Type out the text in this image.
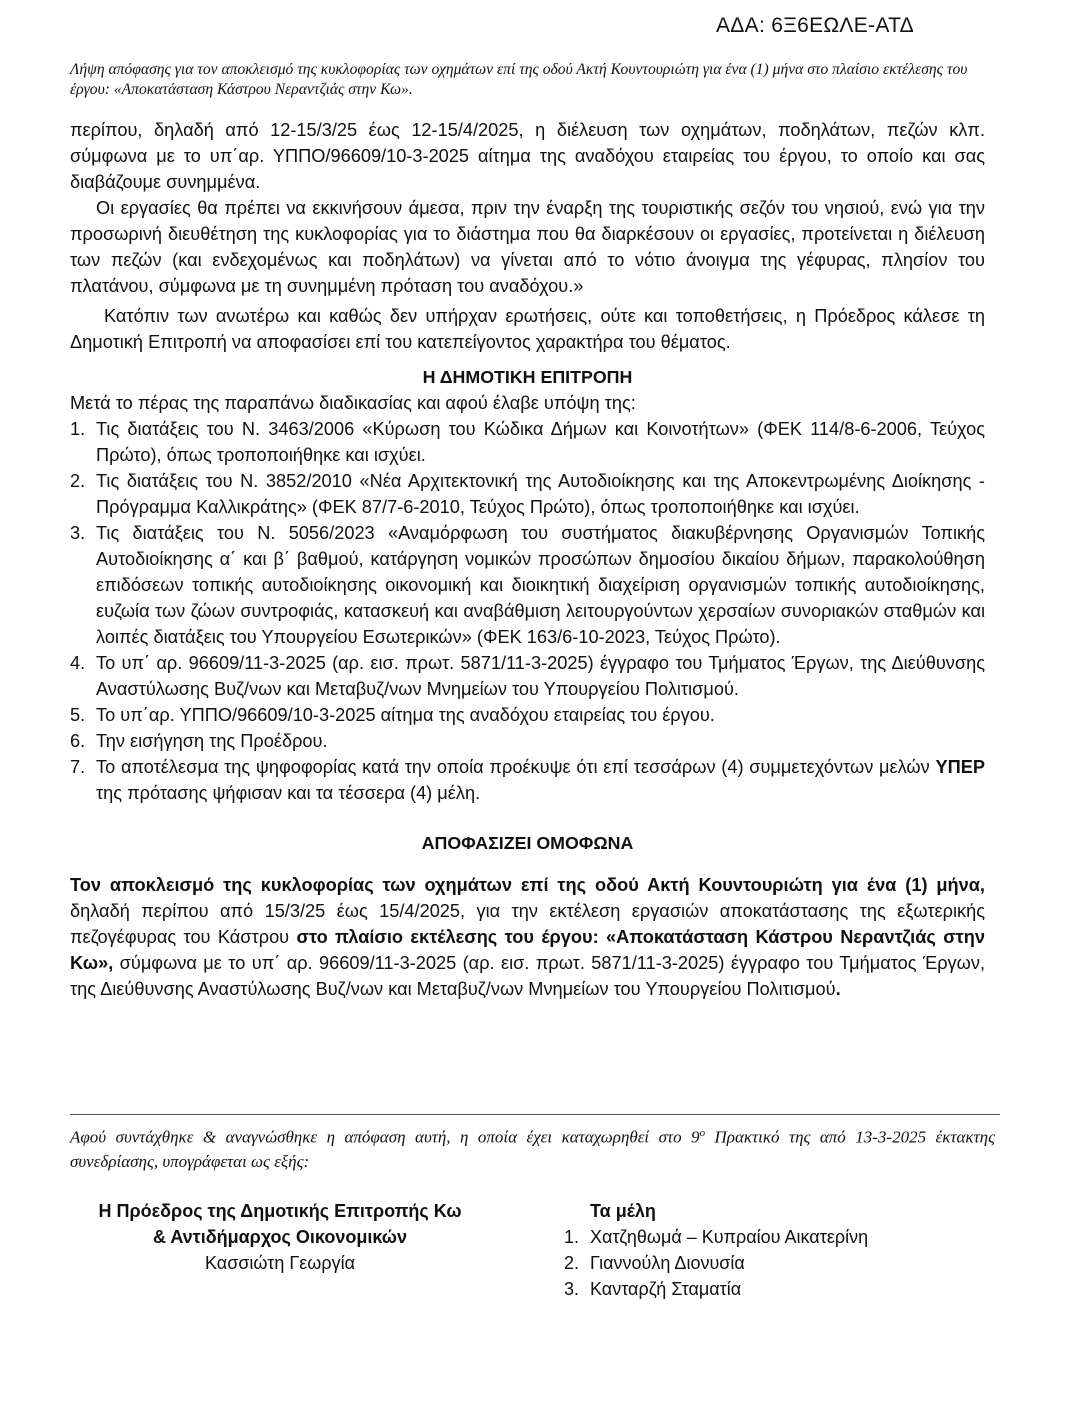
ΑΔΑ: 6Ξ6ΕΩΛΕ-ΑΤΔ
Λήψη απόφασης για τον αποκλεισμό της κυκλοφορίας των οχημάτων επί της οδού Ακτή Κουντουριώτη για ένα (1) μήνα στο πλαίσιο εκτέλεσης του έργου: «Αποκατάσταση Κάστρου Νεραντζιάς στην Κω».

περίπου, δηλαδή από 12-15/3/25 έως 12-15/4/2025, η διέλευση των οχημάτων, ποδηλάτων, πεζών κλπ. σύμφωνα με το υπ΄αρ. ΥΠΠΟ/96609/10-3-2025 αίτημα της αναδόχου εταιρείας του έργου, το οποίο και σας διαβάζουμε συνημμένα.

Οι εργασίες θα πρέπει να εκκινήσουν άμεσα, πριν την έναρξη της τουριστικής σεζόν του νησιού, ενώ για την προσωρινή διευθέτηση της κυκλοφορίας για το διάστημα που θα διαρκέσουν οι εργασίες, προτείνεται η διέλευση των πεζών (και ενδεχομένως και ποδηλάτων) να γίνεται από το νότιο άνοιγμα της γέφυρας, πλησίον του πλατάνου, σύμφωνα με τη συνημμένη πρόταση του αναδόχου.»

Κατόπιν των ανωτέρω και καθώς δεν υπήρχαν ερωτήσεις, ούτε και τοποθετήσεις, η Πρόεδρος κάλεσε τη Δημοτική Επιτροπή να αποφασίσει επί του κατεπείγοντος χαρακτήρα του θέματος.

Η ΔΗΜΟΤΙΚΗ ΕΠΙΤΡΟΠΗ

Μετά το πέρας της παραπάνω διαδικασίας και αφού έλαβε υπόψη της:

1. Τις διατάξεις του Ν. 3463/2006 «Κύρωση του Κώδικα Δήμων και Κοινοτήτων» (ΦΕΚ 114/8-6-2006, Τεύχος Πρώτο), όπως τροποποιήθηκε και ισχύει.
2. Τις διατάξεις του Ν. 3852/2010 «Νέα Αρχιτεκτονική της Αυτοδιοίκησης και της Αποκεντρωμένης Διοίκησης - Πρόγραμμα Καλλικράτης» (ΦΕΚ 87/7-6-2010, Τεύχος Πρώτο), όπως τροποποιήθηκε και ισχύει.
3. Τις διατάξεις του Ν. 5056/2023 «Αναμόρφωση του συστήματος διακυβέρνησης Οργανισμών Τοπικής Αυτοδιοίκησης α΄ και β΄ βαθμού, κατάργηση νομικών προσώπων δημοσίου δικαίου δήμων, παρακολούθηση επιδόσεων τοπικής αυτοδιοίκησης οικονομική και διοικητική διαχείριση οργανισμών τοπικής αυτοδιοίκησης, ευζωία των ζώων συντροφιάς, κατασκευή και αναβάθμιση λειτουργούντων χερσαίων συνοριακών σταθμών και λοιπές διατάξεις του Υπουργείου Εσωτερικών» (ΦΕΚ 163/6-10-2023, Τεύχος Πρώτο).
4. Το υπ΄ αρ. 96609/11-3-2025 (αρ. εισ. πρωτ. 5871/11-3-2025) έγγραφο του Τμήματος Έργων, της Διεύθυνσης Αναστύλωσης Βυζ/νων και Μεταβυζ/νων Μνημείων του Υπουργείου Πολιτισμού.
5. Το υπ΄αρ. ΥΠΠΟ/96609/10-3-2025 αίτημα της αναδόχου εταιρείας του έργου.
6. Την εισήγηση της Προέδρου.
7. Το αποτέλεσμα της ψηφοφορίας κατά την οποία προέκυψε ότι επί τεσσάρων (4) συμμετεχόντων μελών ΥΠΕΡ της πρότασης ψήφισαν και τα τέσσερα (4) μέλη.

ΑΠΟΦΑΣΙΖΕΙ ΟΜΟΦΩΝΑ

Τον αποκλεισμό της κυκλοφορίας των οχημάτων επί της οδού Ακτή Κουντουριώτη για ένα (1) μήνα, δηλαδή περίπου από 15/3/25 έως 15/4/2025, για την εκτέλεση εργασιών αποκατάστασης της εξωτερικής πεζογέφυρας του Κάστρου στο πλαίσιο εκτέλεσης του έργου: «Αποκατάσταση Κάστρου Νεραντζιάς στην Κω», σύμφωνα με το υπ΄ αρ. 96609/11-3-2025 (αρ. εισ. πρωτ. 5871/11-3-2025) έγγραφο του Τμήματος Έργων, της Διεύθυνσης Αναστύλωσης Βυζ/νων και Μεταβυζ/νων Μνημείων του Υπουργείου Πολιτισμού.

Αφού συντάχθηκε & αναγνώσθηκε η απόφαση αυτή, η οποία έχει καταχωρηθεί στο $9^o$ Πρακτικό της από 13-3-2025 έκτακτης συνεδρίασης, υπογράφεται ως εξής:
Η Πρόεδρος της Δημοτικής Επιτροπής Κω
& Αντιδήμαρχος Οικονομικών
Κασσιώτη Γεωργία
Τα μέλη
1. Χατζηθωμά – Κυπραίου Αικατερίνη
2. Γιαννούλη Διονυσία
3. Κανταρζή Σταματία
